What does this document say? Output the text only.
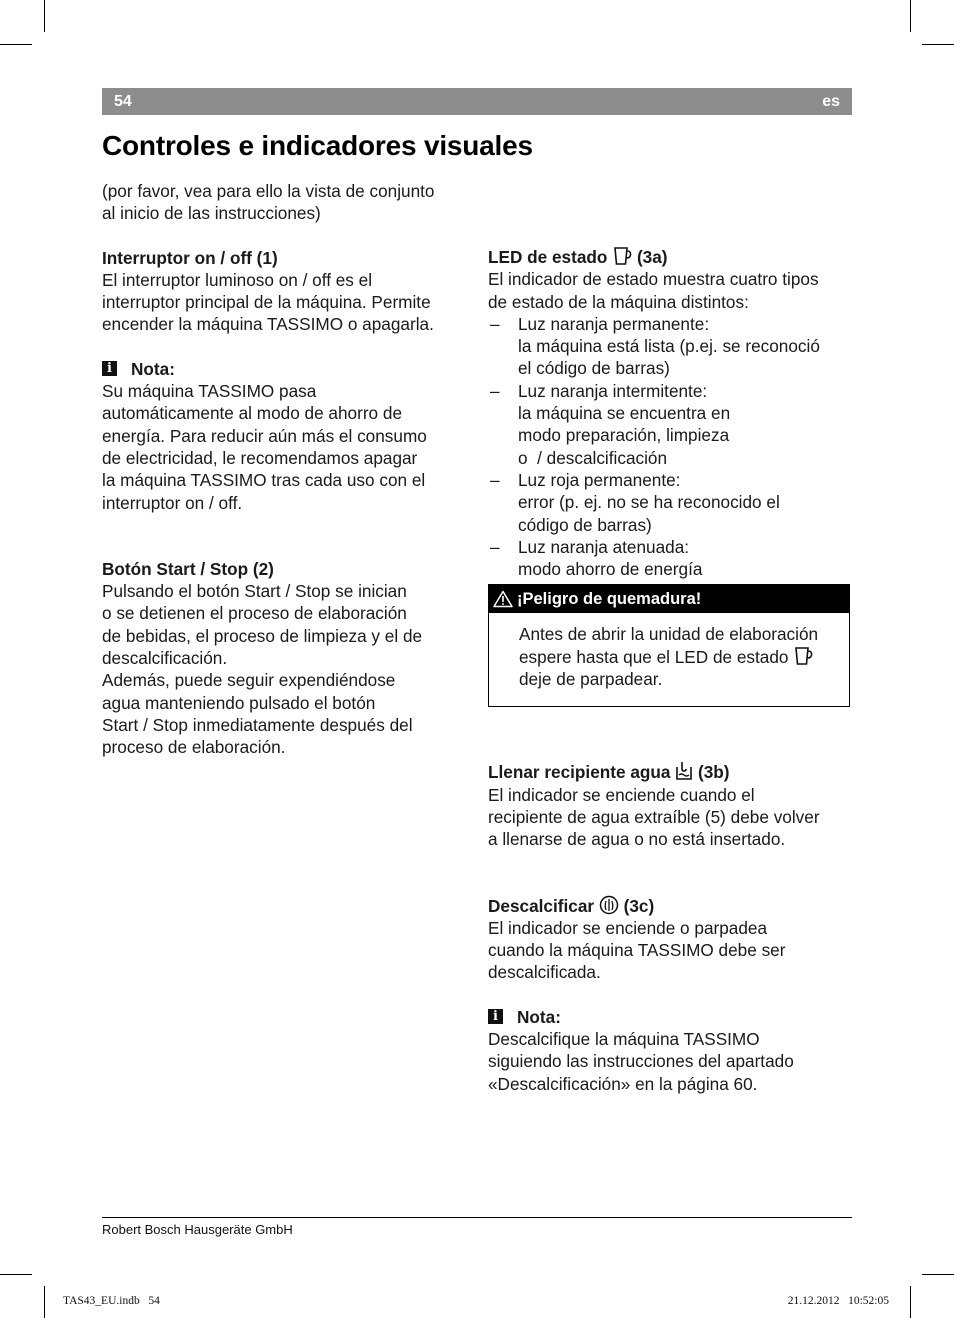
54	es
Controles e indicadores visuales

(por favor, vea para ello la vista de conjunto

al inicio de las instrucciones)

Interruptor on / off (1)

El interruptor luminoso on / off es el

interruptor principal de la máquina. Permite

encender la máquina TASSIMO o apagarla.

i Nota:

Su máquina TASSIMO pasa

automáticamente al modo de ahorro de

energía. Para reducir aún más el consumo

de electricidad, le recomendamos apagar

la máquina TASSIMO tras cada uso con el

interruptor on / off.

Botón Start / Stop (2)

Pulsando el botón Start / Stop se inician

o se detienen el proceso de elaboración

de bebidas, el proceso de limpieza y el de

descalcificación.

Además, puede seguir expendiéndose

agua manteniendo pulsado el botón

Start / Stop inmediatamente después del

proceso de elaboración.

LED de estado (3a)

El indicador de estado muestra cuatro tipos

de estado de la máquina distintos:

– Luz naranja permanente:
la máquina está lista (p.ej. se reconoció
el código de barras)
– Luz naranja intermitente:
la máquina se encuentra en
modo preparación, limpieza
o  / descalcificación
– Luz roja permanente:
error (p. ej. no se ha reconocido el
código de barras)
– Luz naranja atenuada:
modo ahorro de energía
¡Peligro de quemadura!

Antes de abrir la unidad de elaboración

espere hasta que el LED de estado

deje de parpadear.

Llenar recipiente agua (3b)

El indicador se enciende cuando el

recipiente de agua extraíble (5) debe volver

a llenarse de agua o no está insertado.

Descalcificar (3c)

El indicador se enciende o parpadea

cuando la máquina TASSIMO debe ser

descalcificada.

i Nota:

Descalcifique la máquina TASSIMO

siguiendo las instrucciones del apartado

«Descalcificación» en la página 60.

Robert Bosch Hausgeräte GmbH
TAS43_EU.indb   54	21.12.2012   10:52:05
